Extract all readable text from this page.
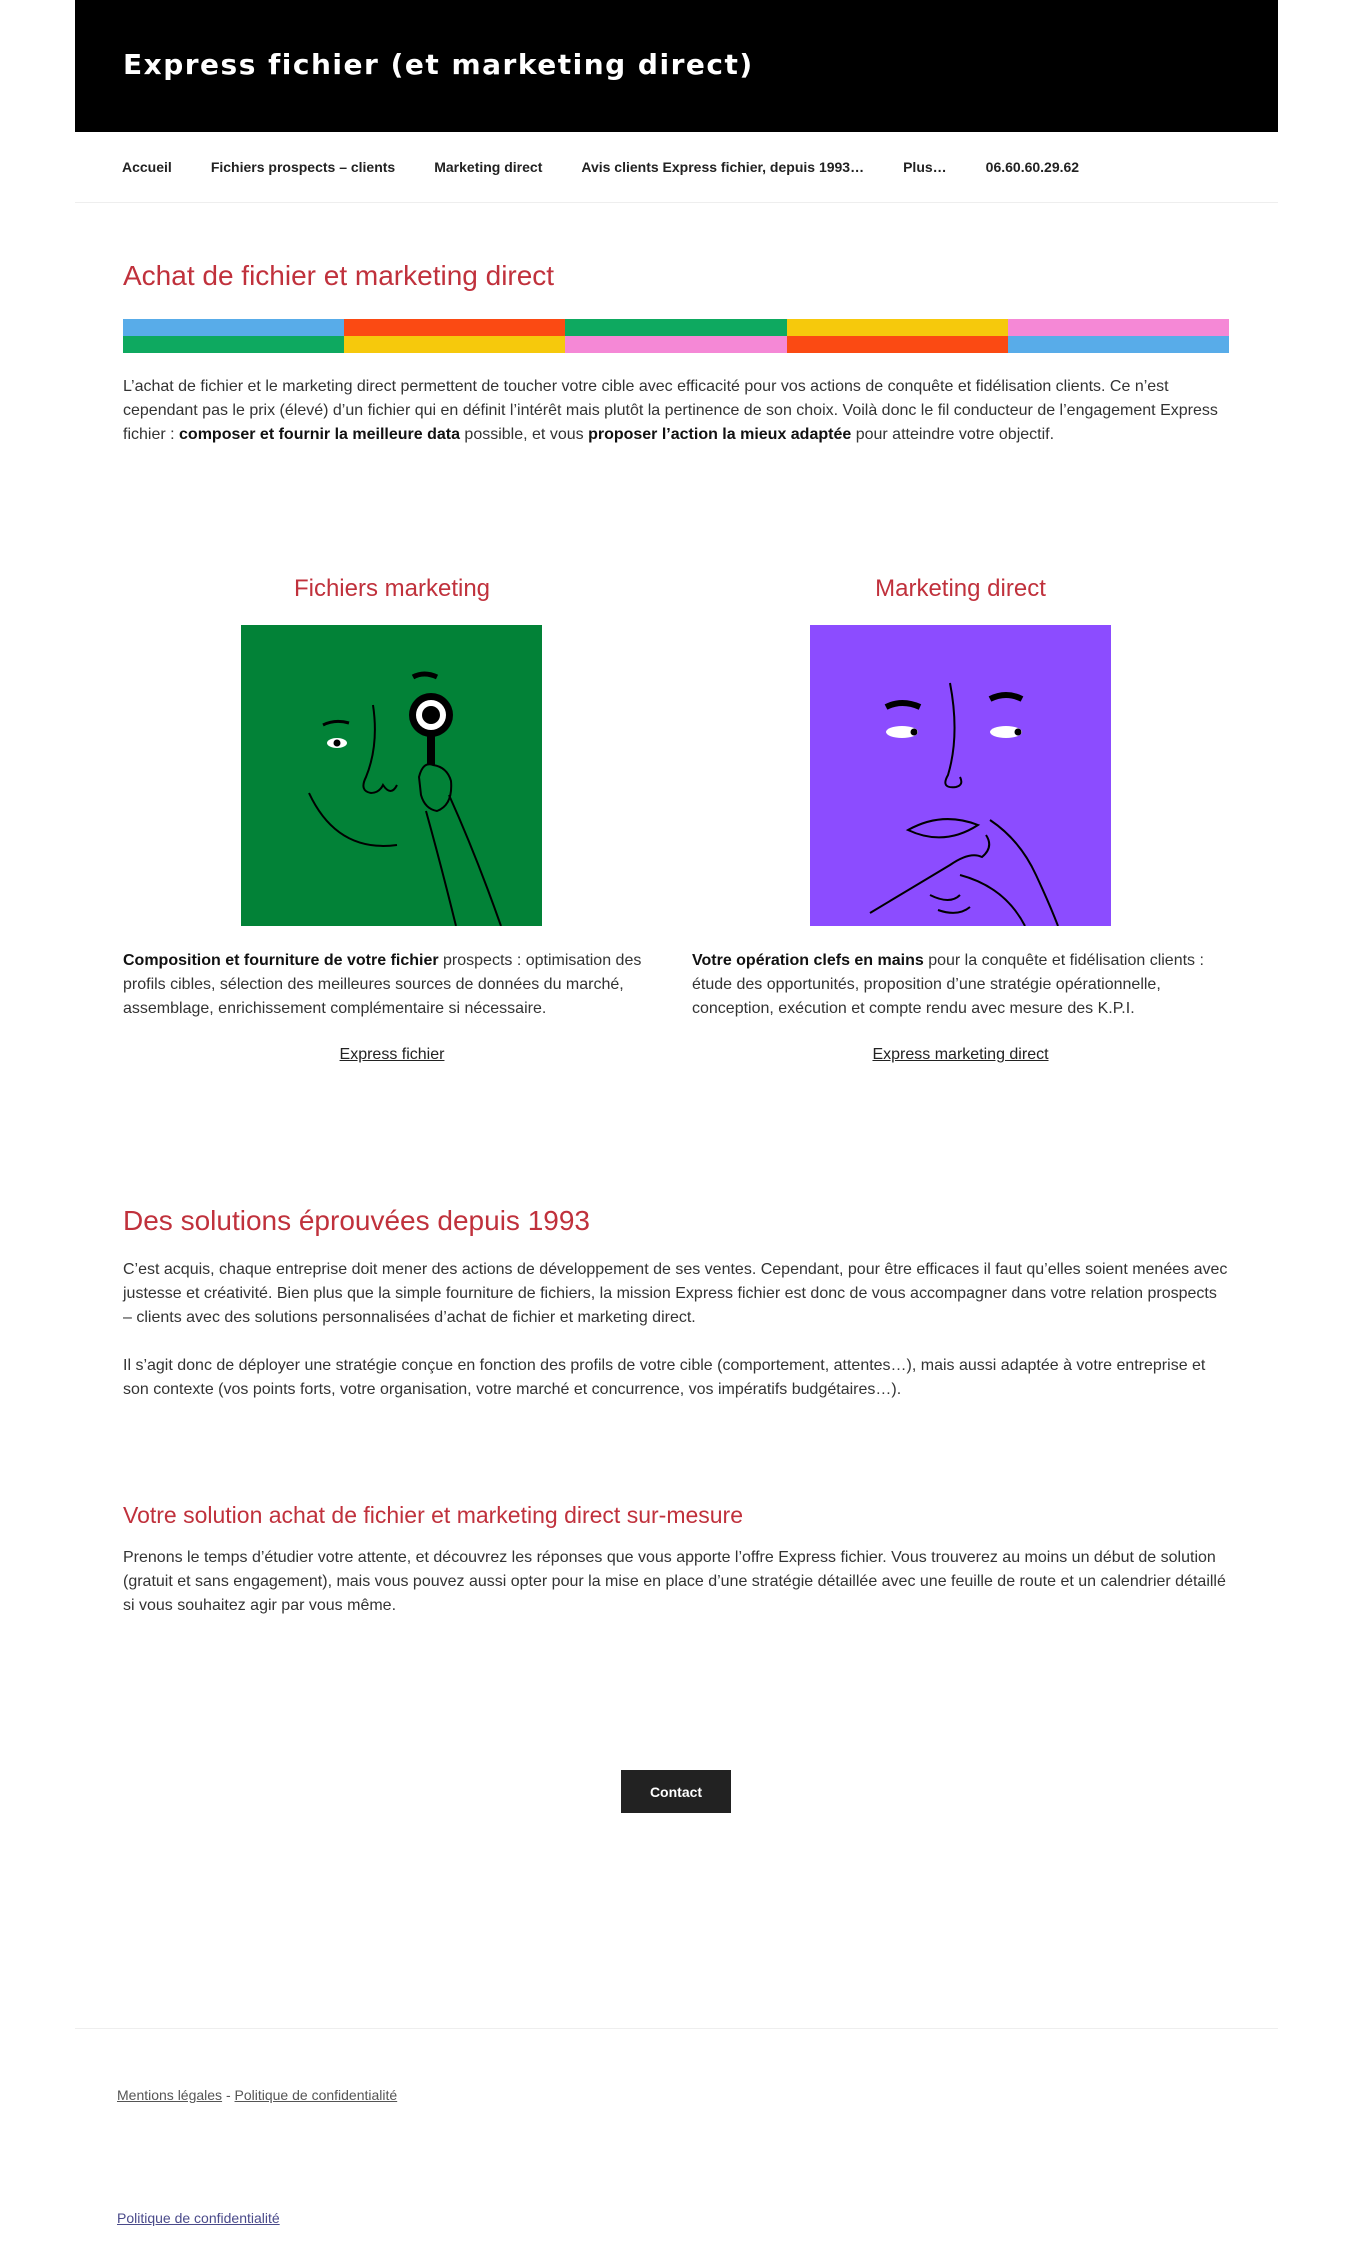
Express fichier (et marketing direct)
Accueil	Fichiers prospects – clients	Marketing direct	Avis clients Express fichier, depuis 1993…	Plus…	06.60.60.29.62
Achat de fichier et marketing direct

L’achat de fichier et le marketing direct permettent de toucher votre cible avec efficacité pour vos actions de conquête et fidélisation clients. Ce n’est cependant pas le prix (élevé) d’un fichier qui en définit l’intérêt mais plutôt la pertinence de son choix. Voilà donc le fil conducteur de l’engagement Express fichier : composer et fournir la meilleure data possible, et vous proposer l’action la mieux adaptée pour atteindre votre objectif.

Fichiers marketing

Composition et fourniture de votre fichier prospects : optimisation des profils cibles, sélection des meilleures sources de données du marché, assemblage, enrichissement complémentaire si nécessaire.

Express fichier
Marketing direct

Votre opération clefs en mains pour la conquête et fidélisation clients : étude des opportunités, proposition d’une stratégie opérationnelle, conception, exécution et compte rendu avec mesure des K.P.I.

Express marketing direct
Des solutions éprouvées depuis 1993

C’est acquis, chaque entreprise doit mener des actions de développement de ses ventes. Cependant, pour être efficaces il faut qu’elles soient menées avec justesse et créativité. Bien plus que la simple fourniture de fichiers, la mission Express fichier est donc de vous accompagner dans votre relation prospects – clients avec des solutions personnalisées d’achat de fichier et marketing direct.

Il s’agit donc de déployer une stratégie conçue en fonction des profils de votre cible (comportement, attentes…), mais aussi adaptée à votre entreprise et son contexte (vos points forts, votre organisation, votre marché et concurrence, vos impératifs budgétaires…).

Votre solution achat de fichier et marketing direct sur-mesure

Prenons le temps d’étudier votre attente, et découvrez les réponses que vous apporte l’offre Express fichier. Vous trouverez au moins un début de solution (gratuit et sans engagement), mais vous pouvez aussi opter pour la mise en place d’une stratégie détaillée avec une feuille de route et un calendrier détaillé si vous souhaitez agir par vous même.

Contact
Mentions légales - Politique de confidentialité
Politique de confidentialité
